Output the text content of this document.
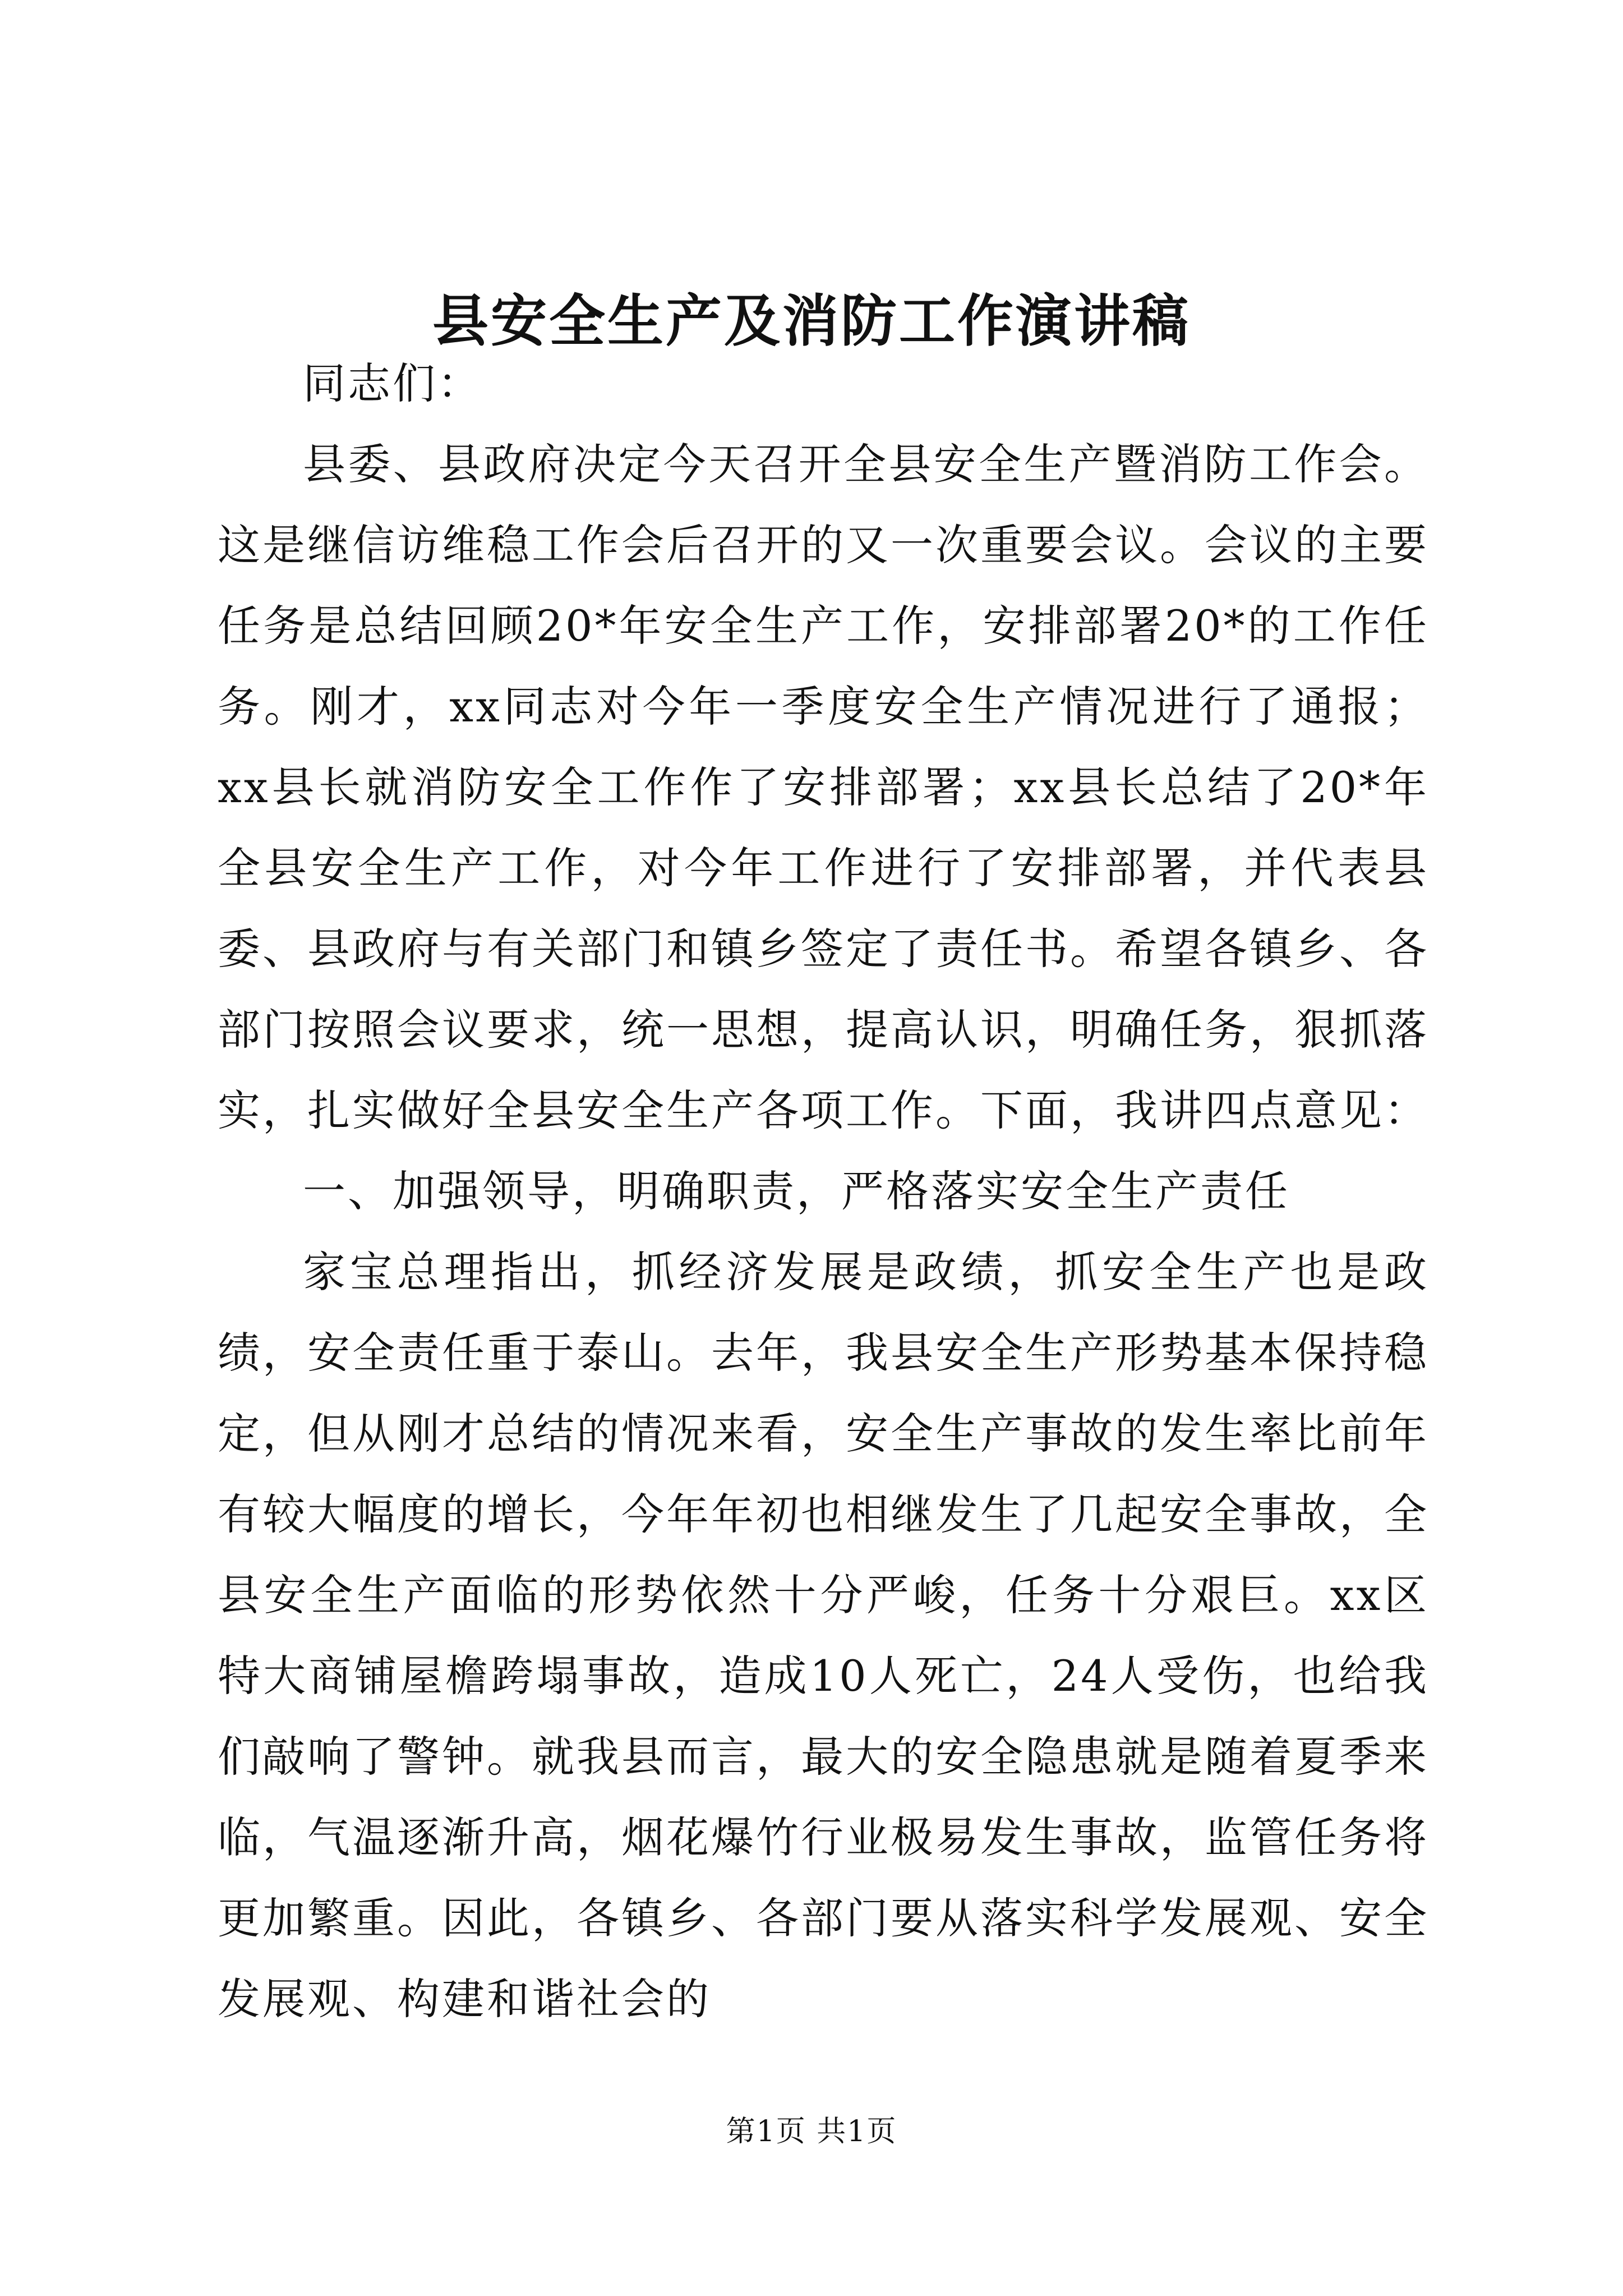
县安全生产及消防工作演讲稿

同志们：

县委、县政府决定今天召开全县安全生产暨消防工作会。这是继信访维稳工作会后召开的又一次重要会议。会议的主要任务是总结回顾20*年安全生产工作，安排部署20*的工作任务。刚才，xx同志对今年一季度安全生产情况进行了通报；xx县长就消防安全工作作了安排部署；xx县长总结了20*年全县安全生产工作，对今年工作进行了安排部署，并代表县委、县政府与有关部门和镇乡签定了责任书。希望各镇乡、各部门按照会议要求，统一思想，提高认识，明确任务，狠抓落实，扎实做好全县安全生产各项工作。下面，我讲四点意见：

一、加强领导，明确职责，严格落实安全生产责任

家宝总理指出，抓经济发展是政绩，抓安全生产也是政绩，安全责任重于泰山。去年，我县安全生产形势基本保持稳定，但从刚才总结的情况来看，安全生产事故的发生率比前年有较大幅度的增长，今年年初也相继发生了几起安全事故，全县安全生产面临的形势依然十分严峻，任务十分艰巨。xx区特大商铺屋檐跨塌事故，造成10人死亡，24人受伤，也给我们敲响了警钟。就我县而言，最大的安全隐患就是随着夏季来临，气温逐渐升高，烟花爆竹行业极易发生事故，监管任务将更加繁重。因此，各镇乡、各部门要从落实科学发展观、安全发展观、构建和谐社会的

第1页 共1页
